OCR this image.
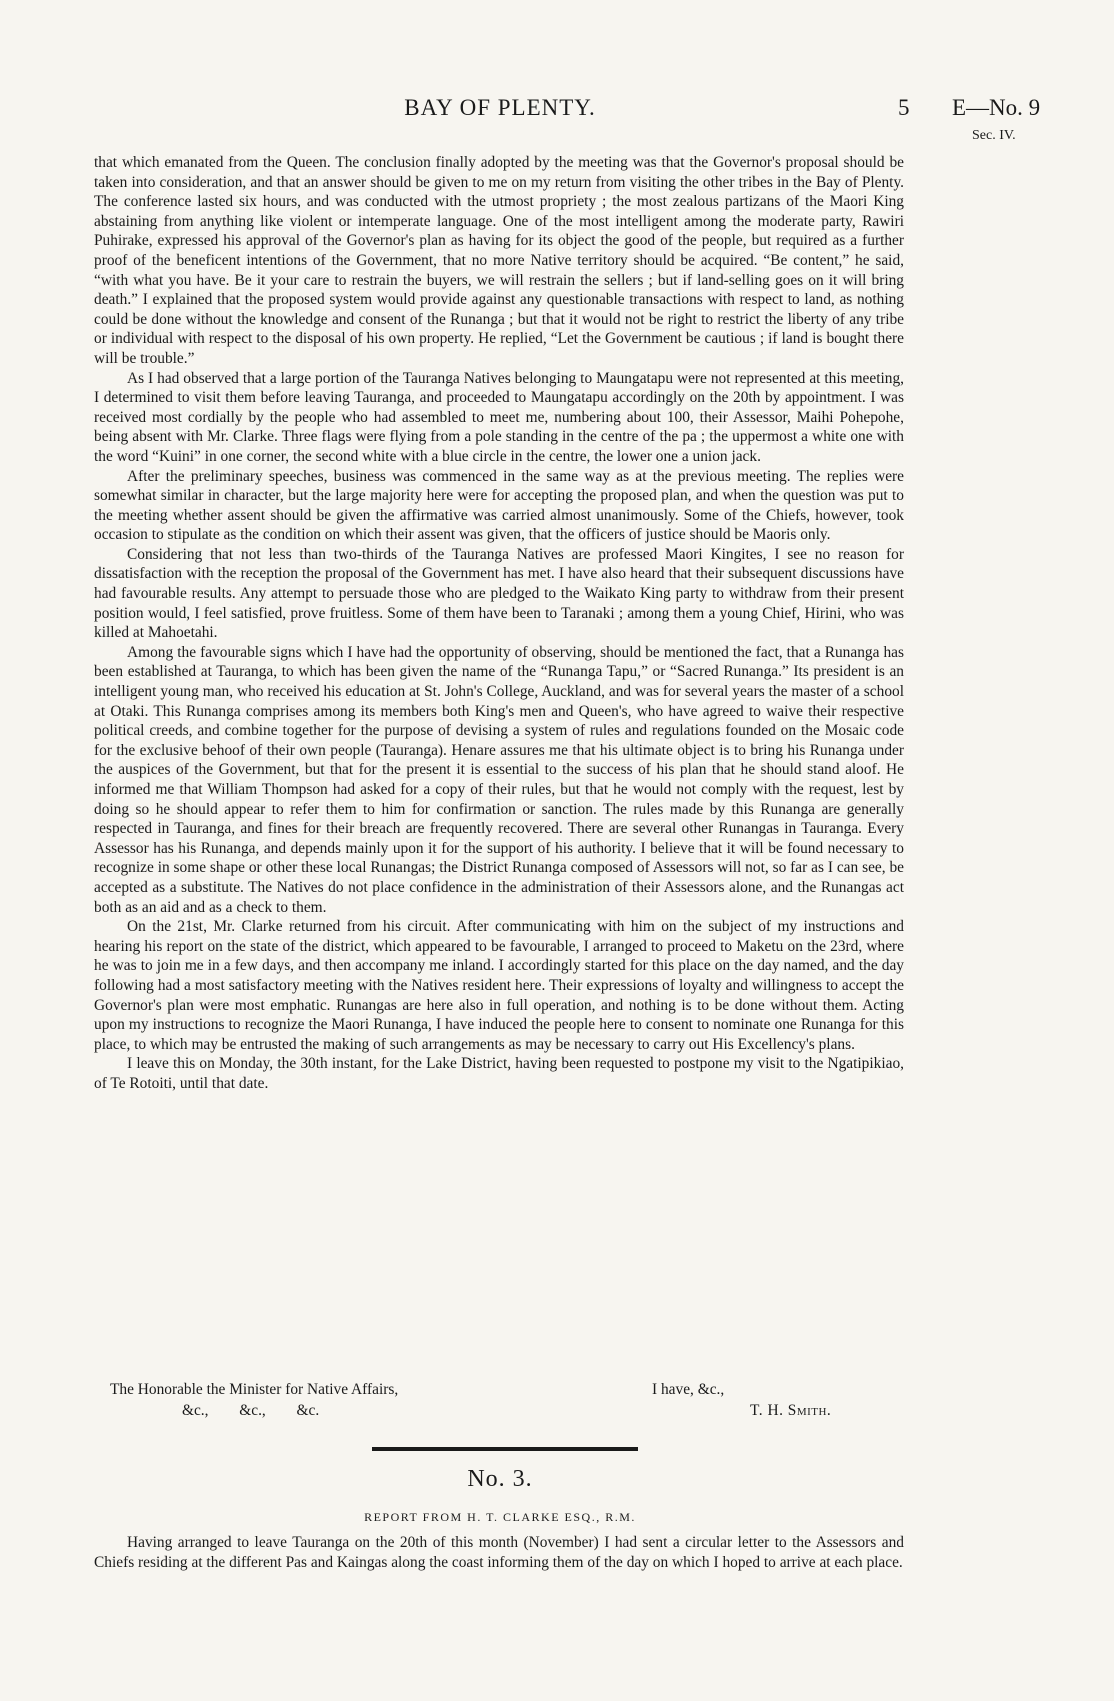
BAY OF PLENTY.	5 E—No. 9
Sec. IV.

that which emanated from the Queen. The conclusion finally adopted by the meeting was that the Governor's proposal should be taken into consideration, and that an answer should be given to me on my return from visiting the other tribes in the Bay of Plenty. The conference lasted six hours, and was conducted with the utmost propriety ; the most zealous partizans of the Maori King abstaining from anything like violent or intemperate language. One of the most intelligent among the moderate party, Rawiri Puhirake, expressed his approval of the Governor's plan as having for its object the good of the people, but required as a further proof of the beneficent intentions of the Government, that no more Native territory should be acquired. “Be content,” he said, “with what you have. Be it your care to restrain the buyers, we will restrain the sellers ; but if land-selling goes on it will bring death.” I explained that the proposed system would provide against any questionable transactions with respect to land, as nothing could be done without the knowledge and consent of the Runanga ; but that it would not be right to restrict the liberty of any tribe or individual with respect to the disposal of his own property. He replied, “Let the Government be cautious ; if land is bought there will be trouble.”

As I had observed that a large portion of the Tauranga Natives belonging to Maungatapu were not represented at this meeting, I determined to visit them before leaving Tauranga, and proceeded to Maungatapu accordingly on the 20th by appointment. I was received most cordially by the people who had assembled to meet me, numbering about 100, their Assessor, Maihi Pohepohe, being absent with Mr. Clarke. Three flags were flying from a pole standing in the centre of the pa ; the uppermost a white one with the word “Kuini” in one corner, the second white with a blue circle in the centre, the lower one a union jack.

After the preliminary speeches, business was commenced in the same way as at the previous meeting. The replies were somewhat similar in character, but the large majority here were for accepting the proposed plan, and when the question was put to the meeting whether assent should be given the affirmative was carried almost unanimously. Some of the Chiefs, however, took occasion to stipulate as the condition on which their assent was given, that the officers of justice should be Maoris only.

Considering that not less than two-thirds of the Tauranga Natives are professed Maori Kingites, I see no reason for dissatisfaction with the reception the proposal of the Government has met. I have also heard that their subsequent discussions have had favourable results. Any attempt to persuade those who are pledged to the Waikato King party to withdraw from their present position would, I feel satisfied, prove fruitless. Some of them have been to Taranaki ; among them a young Chief, Hirini, who was killed at Mahoetahi.

Among the favourable signs which I have had the opportunity of observing, should be mentioned the fact, that a Runanga has been established at Tauranga, to which has been given the name of the “Runanga Tapu,” or “Sacred Runanga.” Its president is an intelligent young man, who received his education at St. John's College, Auckland, and was for several years the master of a school at Otaki. This Runanga comprises among its members both King's men and Queen's, who have agreed to waive their respective political creeds, and combine together for the purpose of devising a system of rules and regulations founded on the Mosaic code for the exclusive behoof of their own people (Tauranga). Henare assures me that his ultimate object is to bring his Runanga under the auspices of the Government, but that for the present it is essential to the success of his plan that he should stand aloof. He informed me that William Thompson had asked for a copy of their rules, but that he would not comply with the request, lest by doing so he should appear to refer them to him for confirmation or sanction. The rules made by this Runanga are generally respected in Tauranga, and fines for their breach are frequently recovered. There are several other Runangas in Tauranga. Every Assessor has his Runanga, and depends mainly upon it for the support of his authority. I believe that it will be found necessary to recognize in some shape or other these local Runangas; the District Runanga composed of Assessors will not, so far as I can see, be accepted as a substitute. The Natives do not place confidence in the administration of their Assessors alone, and the Runangas act both as an aid and as a check to them.

On the 21st, Mr. Clarke returned from his circuit. After communicating with him on the subject of my instructions and hearing his report on the state of the district, which appeared to be favourable, I arranged to proceed to Maketu on the 23rd, where he was to join me in a few days, and then accompany me inland. I accordingly started for this place on the day named, and the day following had a most satisfactory meeting with the Natives resident here. Their expressions of loyalty and willingness to accept the Governor's plan were most emphatic. Runangas are here also in full operation, and nothing is to be done without them. Acting upon my instructions to recognize the Maori Runanga, I have induced the people here to consent to nominate one Runanga for this place, to which may be entrusted the making of such arrangements as may be necessary to carry out His Excellency's plans.

I leave this on Monday, the 30th instant, for the Lake District, having been requested to postpone my visit to the Ngatipikiao, of Te Rotoiti, until that date.

The Honorable the Minister for Native Affairs,	I have, &c.,
&c.,        &c.,        &c.	T. H. Smith.
No. 3.
REPORT FROM H. T. CLARKE ESQ., R.M.

Having arranged to leave Tauranga on the 20th of this month (November) I had sent a circular letter to the Assessors and Chiefs residing at the different Pas and Kaingas along the coast informing them of the day on which I hoped to arrive at each place.
